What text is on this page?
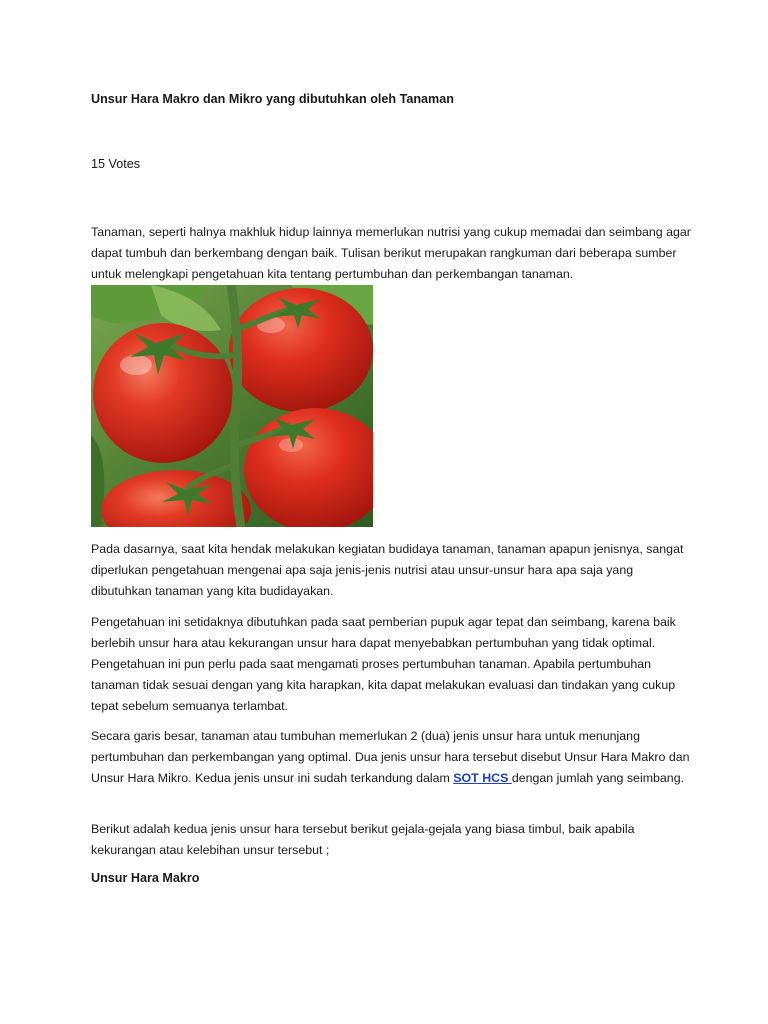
Unsur Hara Makro dan Mikro yang dibutuhkan oleh Tanaman
15 Votes

Tanaman, seperti halnya makhluk hidup lainnya memerlukan nutrisi yang cukup memadai dan seimbang agar dapat tumbuh dan berkembang dengan baik. Tulisan berikut merupakan rangkuman dari beberapa sumber untuk melengkapi pengetahuan kita tentang pertumbuhan dan perkembangan tanaman.

Pada dasarnya, saat kita hendak melakukan kegiatan budidaya tanaman, tanaman apapun jenisnya, sangat diperlukan pengetahuan mengenai apa saja jenis-jenis nutrisi atau unsur-unsur hara apa saja yang dibutuhkan tanaman yang kita budidayakan.

Pengetahuan ini setidaknya dibutuhkan pada saat pemberian pupuk agar tepat dan seimbang, karena baik berlebih unsur hara atau kekurangan unsur hara dapat menyebabkan pertumbuhan yang tidak optimal. Pengetahuan ini pun perlu pada saat mengamati proses pertumbuhan tanaman. Apabila pertumbuhan tanaman tidak sesuai dengan yang kita harapkan, kita dapat melakukan evaluasi dan tindakan yang cukup tepat sebelum semuanya terlambat.

Secara garis besar, tanaman atau tumbuhan memerlukan 2 (dua) jenis unsur hara untuk menunjang pertumbuhan dan perkembangan yang optimal. Dua jenis unsur hara tersebut disebut Unsur Hara Makro dan Unsur Hara Mikro. Kedua jenis unsur ini sudah terkandung dalam SOT HCS dengan jumlah yang seimbang.

Berikut adalah kedua jenis unsur hara tersebut berikut gejala-gejala yang biasa timbul, baik apabila kekurangan atau kelebihan unsur tersebut ;

Unsur Hara Makro
